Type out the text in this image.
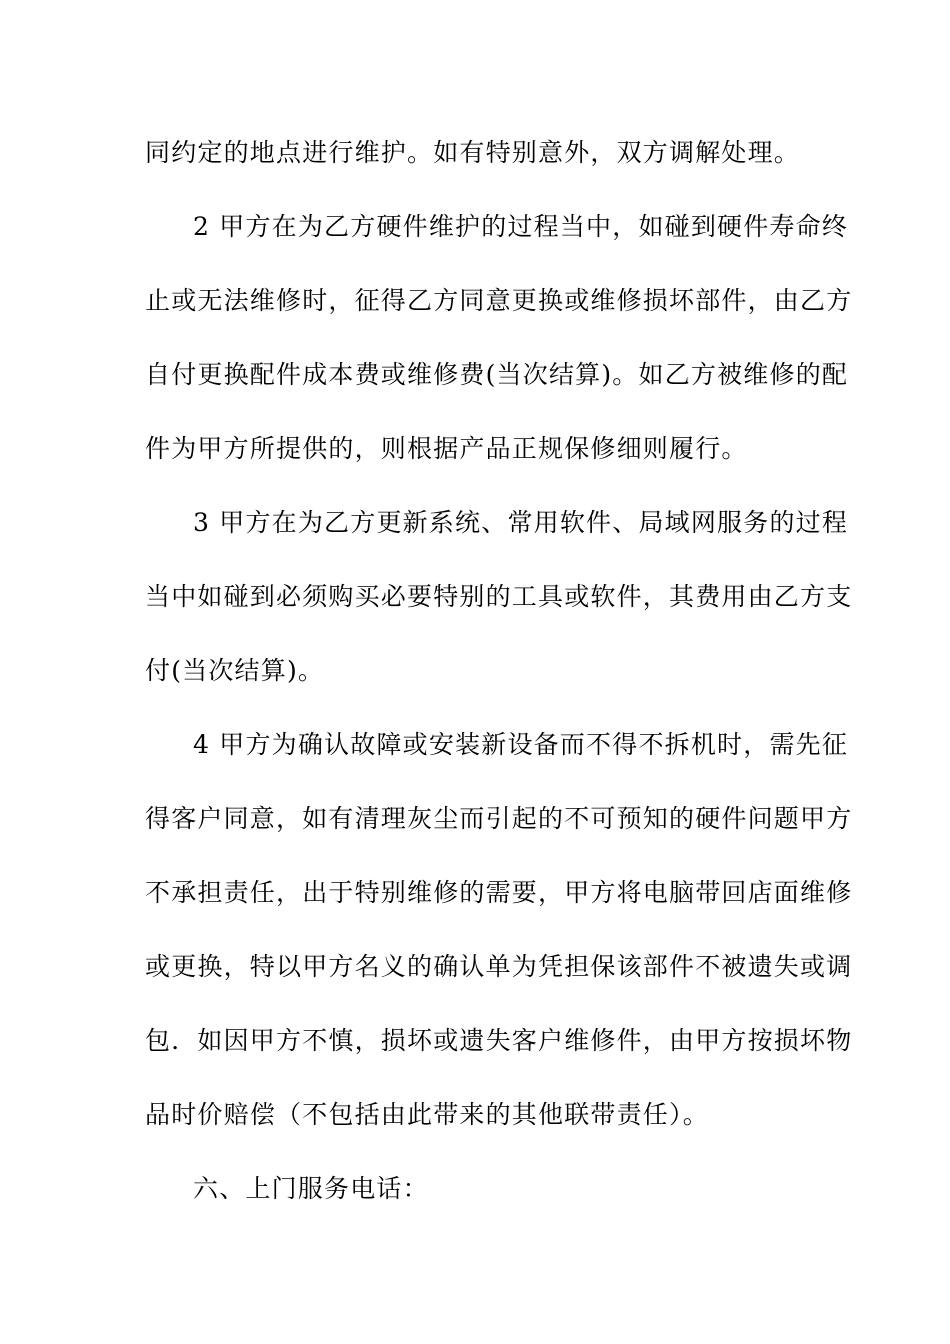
同约定的地点进行维护。如有特别意外，双方调解处理。
2 甲方在为乙方硬件维护的过程当中，如碰到硬件寿命终
止或无法维修时，征得乙方同意更换或维修损坏部件，由乙方
自付更换配件成本费或维修费(当次结算)。如乙方被维修的配
件为甲方所提供的，则根据产品正规保修细则履行。
3 甲方在为乙方更新系统、常用软件、局域网服务的过程
当中如碰到必须购买必要特别的工具或软件，其费用由乙方支
付(当次结算)。
4 甲方为确认故障或安装新设备而不得不拆机时，需先征
得客户同意，如有清理灰尘而引起的不可预知的硬件问题甲方
不承担责任，出于特别维修的需要，甲方将电脑带回店面维修
或更换，特以甲方名义的确认单为凭担保该部件不被遗失或调
包．如因甲方不慎，损坏或遗失客户维修件，由甲方按损坏物
品时价赔偿（不包括由此带来的其他联带责任）。
六、上门服务电话：
